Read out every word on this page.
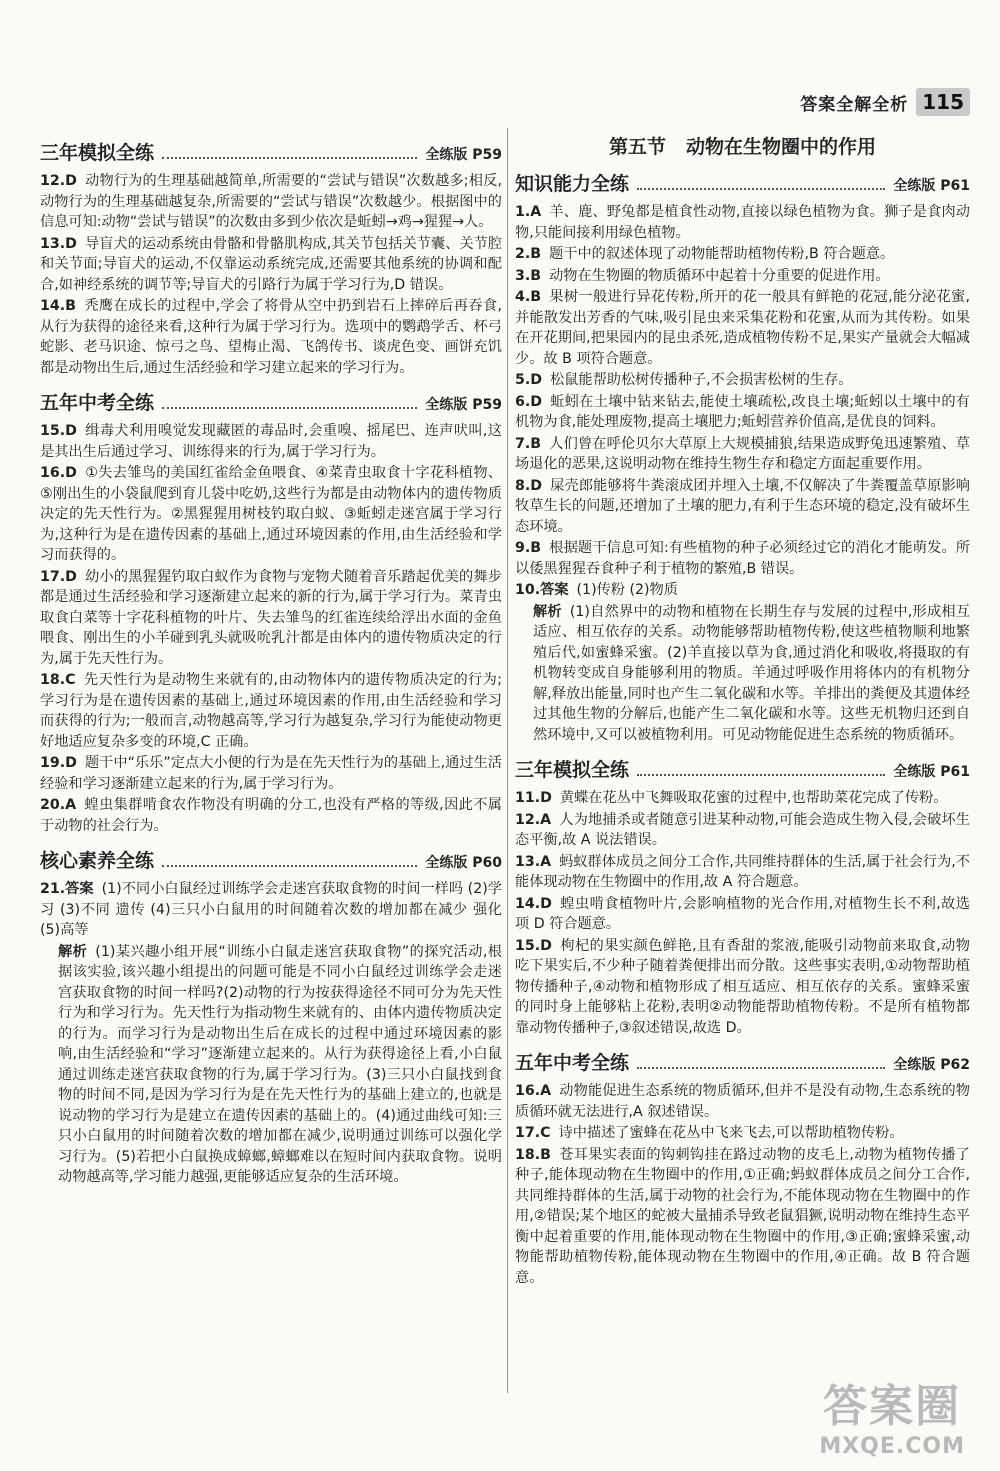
答案全解全析 115
三年模拟全练	全练版 P59
12.D 动物行为的生理基础越简单,所需要的“尝试与错误”次数越多;相反,动物行为的生理基础越复杂,所需要的“尝试与错误”次数越少。根据图中的信息可知:动物“尝试与错误”的次数由多到少依次是蚯蚓→鸡→猩猩→人。
13.D 导盲犬的运动系统由骨骼和骨骼肌构成,其关节包括关节囊、关节腔和关节面;导盲犬的运动,不仅靠运动系统完成,还需要其他系统的协调和配合,如神经系统的调节等;导盲犬的引路行为属于学习行为,D 错误。
14.B 秃鹰在成长的过程中,学会了将骨从空中扔到岩石上摔碎后再吞食,从行为获得的途径来看,这种行为属于学习行为。选项中的鹦鹉学舌、杯弓蛇影、老马识途、惊弓之鸟、望梅止渴、飞鸽传书、谈虎色变、画饼充饥都是动物出生后,通过生活经验和学习建立起来的学习行为。
五年中考全练	全练版 P59
15.D 缉毒犬利用嗅觉发现藏匿的毒品时,会重嗅、摇尾巴、连声吠叫,这是其出生后通过学习、训练得来的行为,属于学习行为。
16.D ①失去雏鸟的美国红雀给金鱼喂食、④菜青虫取食十字花科植物、⑤刚出生的小袋鼠爬到育儿袋中吃奶,这些行为都是由动物体内的遗传物质决定的先天性行为。②黑猩猩用树枝钓取白蚁、③蚯蚓走迷宫属于学习行为,这种行为是在遗传因素的基础上,通过环境因素的作用,由生活经验和学习而获得的。
17.D 幼小的黑猩猩钓取白蚁作为食物与宠物犬随着音乐踏起优美的舞步都是通过生活经验和学习逐渐建立起来的新的行为,属于学习行为。菜青虫取食白菜等十字花科植物的叶片、失去雏鸟的红雀连续给浮出水面的金鱼喂食、刚出生的小羊碰到乳头就吸吮乳汁都是由体内的遗传物质决定的行为,属于先天性行为。
18.C 先天性行为是动物生来就有的,由动物体内的遗传物质决定的行为;学习行为是在遗传因素的基础上,通过环境因素的作用,由生活经验和学习而获得的行为;一般而言,动物越高等,学习行为越复杂,学习行为能使动物更好地适应复杂多变的环境,C 正确。
19.D 题干中“乐乐”定点大小便的行为是在先天性行为的基础上,通过生活经验和学习逐渐建立起来的行为,属于学习行为。
20.A 蝗虫集群啃食农作物没有明确的分工,也没有严格的等级,因此不属于动物的社会行为。
核心素养全练	全练版 P60
21.答案 (1)不同小白鼠经过训练学会走迷宫获取食物的时间一样吗 (2)学习 (3)不同 遗传 (4)三只小白鼠用的时间随着次数的增加都在减少 强化 (5)高等
解析 (1)某兴趣小组开展“训练小白鼠走迷宫获取食物”的探究活动,根据该实验,该兴趣小组提出的问题可能是不同小白鼠经过训练学会走迷宫获取食物的时间一样吗?(2)动物的行为按获得途径不同可分为先天性行为和学习行为。先天性行为指动物生来就有的、由体内遗传物质决定的行为。而学习行为是动物出生后在成长的过程中通过环境因素的影响,由生活经验和“学习”逐渐建立起来的。从行为获得途径上看,小白鼠通过训练走迷宫获取食物的行为,属于学习行为。(3)三只小白鼠找到食物的时间不同,是因为学习行为是在先天性行为的基础上建立的,也就是说动物的学习行为是建立在遗传因素的基础上的。(4)通过曲线可知:三只小白鼠用的时间随着次数的增加都在减少,说明通过训练可以强化学习行为。(5)若把小白鼠换成蟑螂,蟑螂难以在短时间内获取食物。说明动物越高等,学习能力越强,更能够适应复杂的生活环境。
第五节 动物在生物圈中的作用
知识能力全练	全练版 P61
1.A 羊、鹿、野兔都是植食性动物,直接以绿色植物为食。狮子是食肉动物,只能间接利用绿色植物。
2.B 题干中的叙述体现了动物能帮助植物传粉,B 符合题意。
3.B 动物在生物圈的物质循环中起着十分重要的促进作用。
4.B 果树一般进行异花传粉,所开的花一般具有鲜艳的花冠,能分泌花蜜,并能散发出芳香的气味,吸引昆虫来采集花粉和花蜜,从而为其传粉。如果在开花期间,把果园内的昆虫杀死,造成植物传粉不足,果实产量就会大幅减少。故 B 项符合题意。
5.D 松鼠能帮助松树传播种子,不会损害松树的生存。
6.D 蚯蚓在土壤中钻来钻去,能使土壤疏松,改良土壤;蚯蚓以土壤中的有机物为食,能处理废物,提高土壤肥力;蚯蚓营养价值高,是优良的饲料。
7.B 人们曾在呼伦贝尔大草原上大规模捕狼,结果造成野兔迅速繁殖、草场退化的恶果,这说明动物在维持生物生存和稳定方面起重要作用。
8.D 屎壳郎能够将牛粪滚成团并埋入土壤,不仅解决了牛粪覆盖草原影响牧草生长的问题,还增加了土壤的肥力,有利于生态环境的稳定,没有破坏生态环境。
9.B 根据题干信息可知:有些植物的种子必须经过它的消化才能萌发。所以倭黑猩猩吞食种子利于植物的繁殖,B 错误。
10.答案 (1)传粉 (2)物质
解析 (1)自然界中的动物和植物在长期生存与发展的过程中,形成相互适应、相互依存的关系。动物能够帮助植物传粉,使这些植物顺利地繁殖后代,如蜜蜂采蜜。(2)羊直接以草为食,通过消化和吸收,将摄取的有机物转变成自身能够利用的物质。羊通过呼吸作用将体内的有机物分解,释放出能量,同时也产生二氧化碳和水等。羊排出的粪便及其遗体经过其他生物的分解后,也能产生二氧化碳和水等。这些无机物归还到自然环境中,又可以被植物利用。可见动物能促进生态系统的物质循环。
三年模拟全练	全练版 P61
11.D 黄蝶在花丛中飞舞吸取花蜜的过程中,也帮助菜花完成了传粉。
12.A 人为地捕杀或者随意引进某种动物,可能会造成生物入侵,会破坏生态平衡,故 A 说法错误。
13.A 蚂蚁群体成员之间分工合作,共同维持群体的生活,属于社会行为,不能体现动物在生物圈中的作用,故 A 符合题意。
14.D 蝗虫啃食植物叶片,会影响植物的光合作用,对植物生长不利,故选项 D 符合题意。
15.D 枸杞的果实颜色鲜艳,且有香甜的浆液,能吸引动物前来取食,动物吃下果实后,不少种子随着粪便排出而分散。这些事实表明,①动物帮助植物传播种子,④动物和植物形成了相互适应、相互依存的关系。蜜蜂采蜜的同时身上能够粘上花粉,表明②动物能帮助植物传粉。不是所有植物都靠动物传播种子,③叙述错误,故选 D。
五年中考全练	全练版 P62
16.A 动物能促进生态系统的物质循环,但并不是没有动物,生态系统的物质循环就无法进行,A 叙述错误。
17.C 诗中描述了蜜蜂在花丛中飞来飞去,可以帮助植物传粉。
18.B 苍耳果实表面的钩刺钩挂在路过动物的皮毛上,动物为植物传播了种子,能体现动物在生物圈中的作用,①正确;蚂蚁群体成员之间分工合作,共同维持群体的生活,属于动物的社会行为,不能体现动物在生物圈中的作用,②错误;某个地区的蛇被大量捕杀导致老鼠猖獗,说明动物在维持生态平衡中起着重要的作用,能体现动物在生物圈中的作用,③正确;蜜蜂采蜜,动物能帮助植物传粉,能体现动物在生物圈中的作用,④正确。故 B 符合题意。
答案圈
MXQE.COM
